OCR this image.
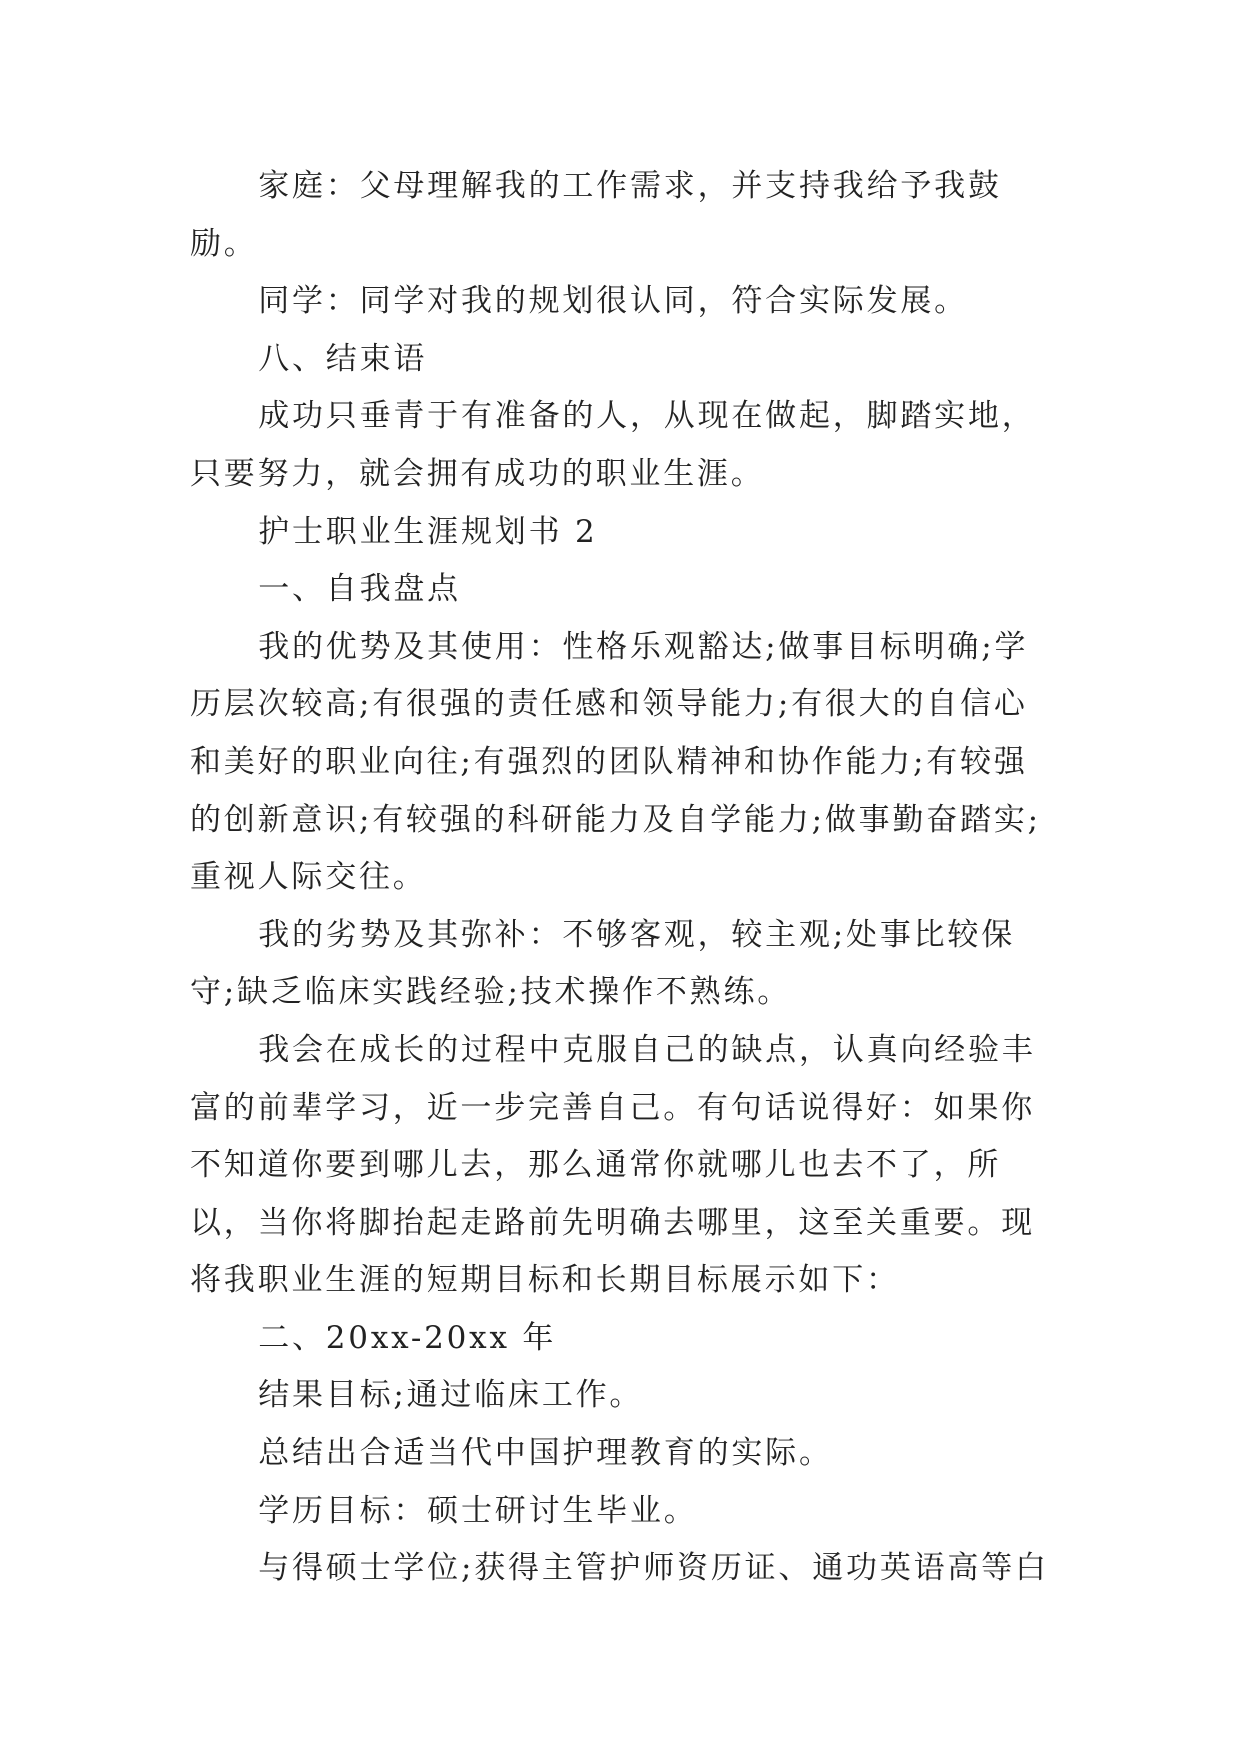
家庭：父母理解我的工作需求，并支持我给予我鼓励。

同学：同学对我的规划很认同，符合实际发展。

八、结束语

成功只垂青于有准备的人，从现在做起，脚踏实地，只要努力，就会拥有成功的职业生涯。

护士职业生涯规划书 2

一、自我盘点

我的优势及其使用：性格乐观豁达;做事目标明确;学历层次较高;有很强的责任感和领导能力;有很大的自信心和美好的职业向往;有强烈的团队精神和协作能力;有较强的创新意识;有较强的科研能力及自学能力;做事勤奋踏实;重视人际交往。

我的劣势及其弥补：不够客观，较主观;处事比较保守;缺乏临床实践经验;技术操作不熟练。

我会在成长的过程中克服自己的缺点，认真向经验丰富的前辈学习，近一步完善自己。有句话说得好：如果你不知道你要到哪儿去，那么通常你就哪儿也去不了，所以，当你将脚抬起走路前先明确去哪里，这至关重要。现将我职业生涯的短期目标和长期目标展示如下：

二、20xx-20xx 年

结果目标;通过临床工作。

总结出合适当代中国护理教育的实际。

学历目标：硕士研讨生毕业。

与得硕士学位;获得主管护师资历证、通功英语高等白
